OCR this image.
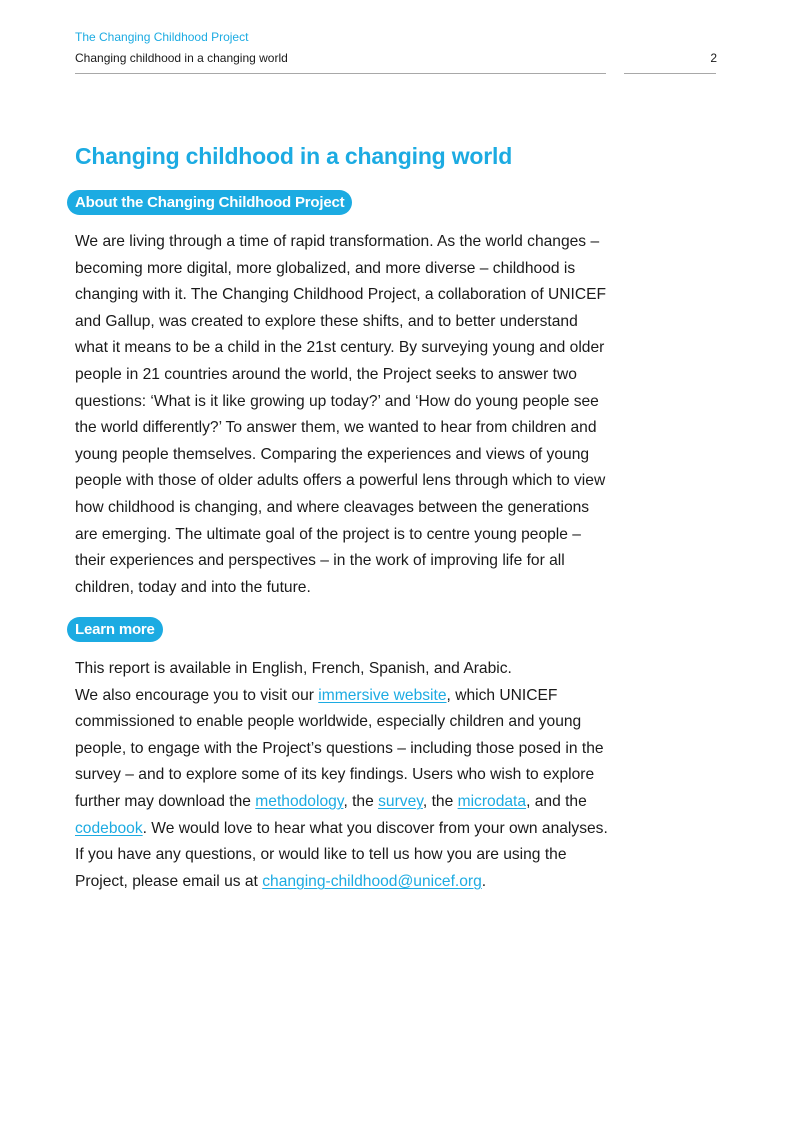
The Changing Childhood Project
Changing childhood in a changing world	2
Changing childhood in a changing world
About the Changing Childhood Project

We are living through a time of rapid transformation. As the world changes – becoming more digital, more globalized, and more diverse – childhood is changing with it. The Changing Childhood Project, a collaboration of UNICEF and Gallup, was created to explore these shifts, and to better understand what it means to be a child in the 21st century. By surveying young and older people in 21 countries around the world, the Project seeks to answer two questions: ‘What is it like growing up today?’ and ‘How do young people see the world differently?’ To answer them, we wanted to hear from children and young people themselves. Comparing the experiences and views of young people with those of older adults offers a powerful lens through which to view how childhood is changing, and where cleavages between the generations are emerging. The ultimate goal of the project is to centre young people – their experiences and perspectives – in the work of improving life for all children, today and into the future.

Learn more

This report is available in English, French, Spanish, and Arabic.

We also encourage you to visit our immersive website, which UNICEF commissioned to enable people worldwide, especially children and young people, to engage with the Project’s questions – including those posed in the survey – and to explore some of its key findings. Users who wish to explore further may download the methodology, the survey, the microdata, and the codebook. We would love to hear what you discover from your own analyses. If you have any questions, or would like to tell us how you are using the Project, please email us at changing-childhood@unicef.org.
